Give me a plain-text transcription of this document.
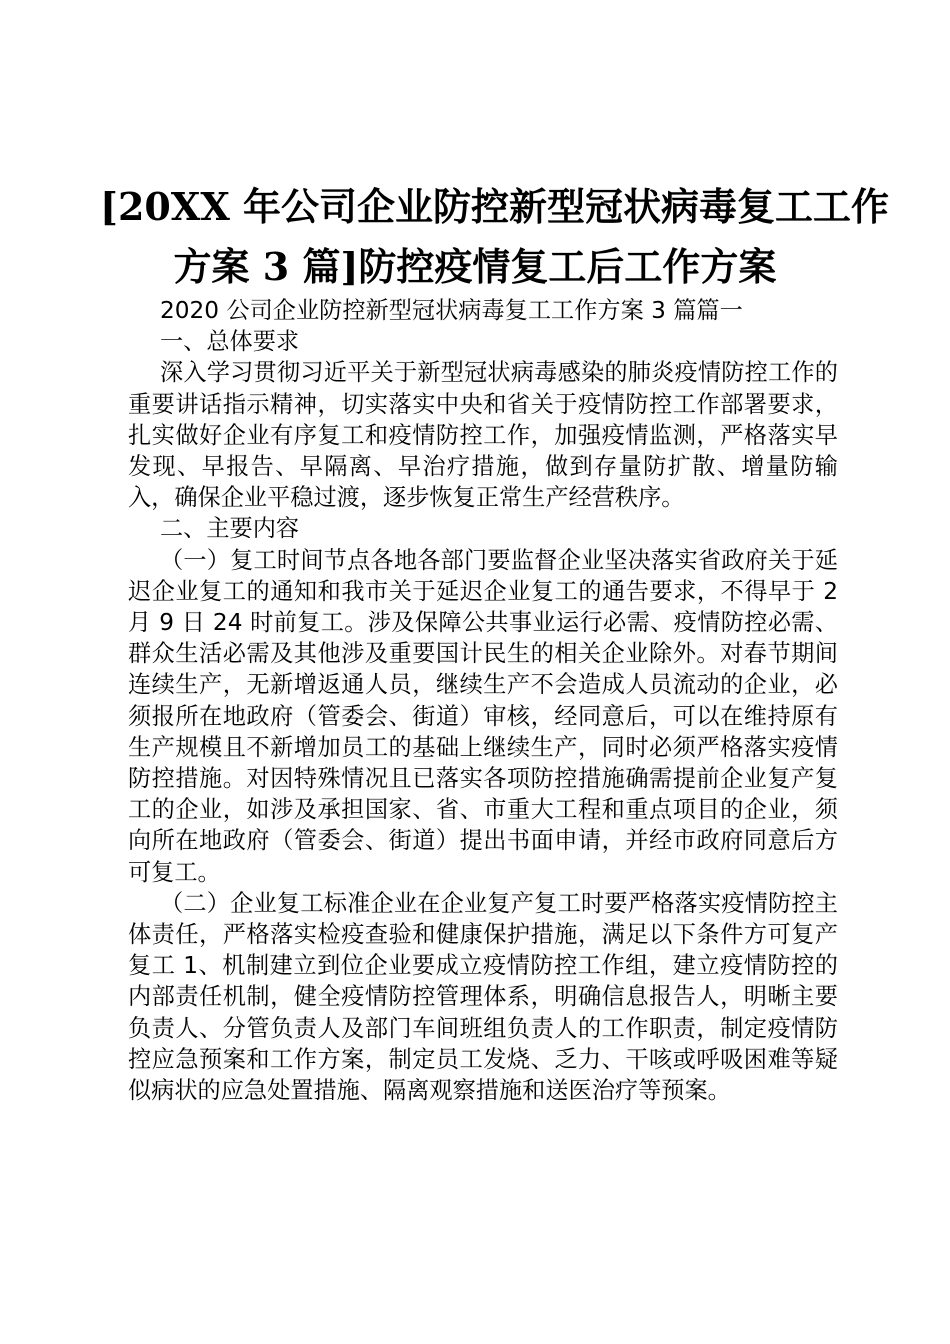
[20XX 年公司企业防控新型冠状病毒复工工作
方案 3 篇]防控疫情复工后工作方案

2020 公司企业防控新型冠状病毒复工工作方案 3 篇篇一

一、总体要求

深入学习贯彻习近平关于新型冠状病毒感染的肺炎疫情防控工作的重要讲话指示精神，切实落实中央和省关于疫情防控工作部署要求，扎实做好企业有序复工和疫情防控工作，加强疫情监测，严格落实早发现、早报告、早隔离、早治疗措施，做到存量防扩散、增量防输入，确保企业平稳过渡，逐步恢复正常生产经营秩序。

二、主要内容

（一）复工时间节点各地各部门要监督企业坚决落实省政府关于延迟企业复工的通知和我市关于延迟企业复工的通告要求，不得早于 2 月 9 日 24 时前复工。涉及保障公共事业运行必需、疫情防控必需、群众生活必需及其他涉及重要国计民生的相关企业除外。对春节期间连续生产，无新增返通人员，继续生产不会造成人员流动的企业，必须报所在地政府（管委会、街道）审核，经同意后，可以在维持原有生产规模且不新增加员工的基础上继续生产，同时必须严格落实疫情防控措施。对因特殊情况且已落实各项防控措施确需提前企业复产复工的企业，如涉及承担国家、省、市重大工程和重点项目的企业，须向所在地政府（管委会、街道）提出书面申请，并经市政府同意后方可复工。

（二）企业复工标准企业在企业复产复工时要严格落实疫情防控主体责任，严格落实检疫查验和健康保护措施，满足以下条件方可复产复工 1、机制建立到位企业要成立疫情防控工作组，建立疫情防控的内部责任机制，健全疫情防控管理体系，明确信息报告人，明晰主要负责人、分管负责人及部门车间班组负责人的工作职责，制定疫情防控应急预案和工作方案，制定员工发烧、乏力、干咳或呼吸困难等疑似病状的应急处置措施、隔离观察措施和送医治疗等预案。
